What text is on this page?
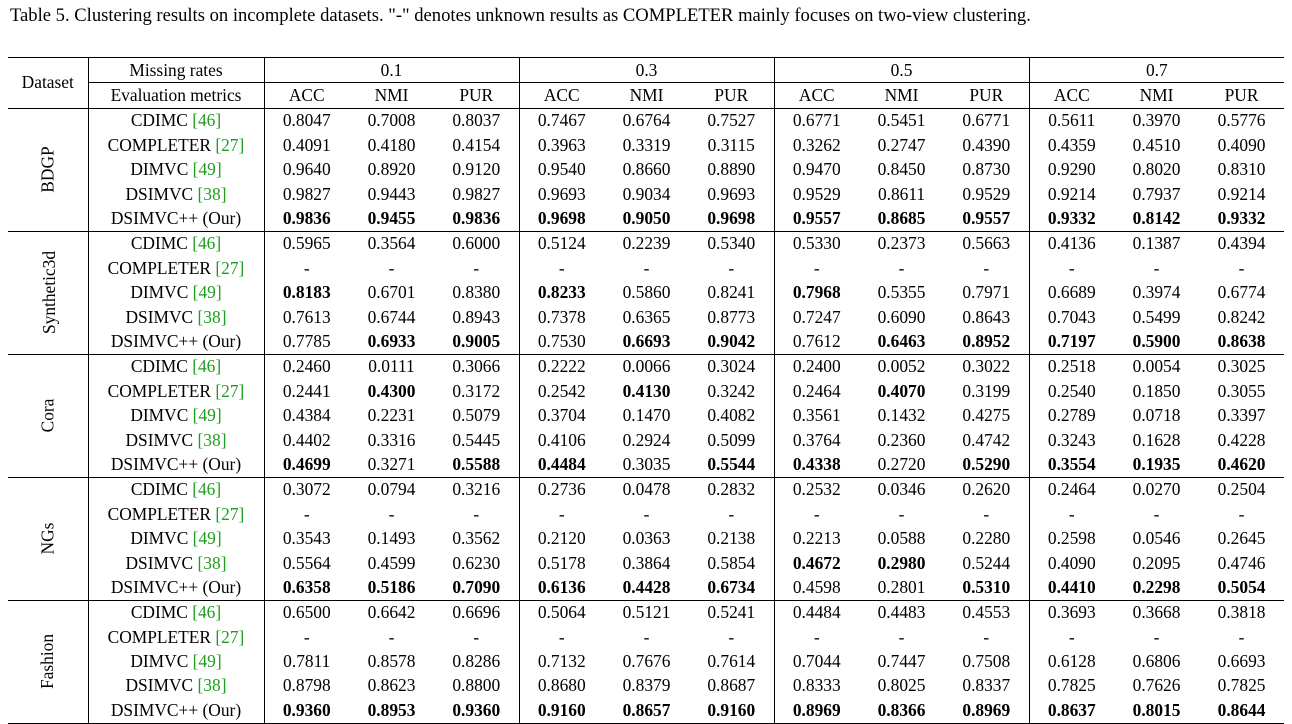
Table 5. Clustering results on incomplete datasets. "-" denotes unknown results as COMPLETER mainly focuses on two-view clustering.
Dataset	Missing rates	0.1			0.3			0.5			0.7		
	Evaluation metrics	ACC	NMI	PUR	ACC	NMI	PUR	ACC	NMI	PUR	ACC	NMI	PUR
BDGP	CDIMC [46]	0.8047	0.7008	0.8037	0.7467	0.6764	0.7527	0.6771	0.5451	0.6771	0.5611	0.3970	0.5776
	COMPLETER [27]	0.4091	0.4180	0.4154	0.3963	0.3319	0.3115	0.3262	0.2747	0.4390	0.4359	0.4510	0.4090
	DIMVC [49]	0.9640	0.8920	0.9120	0.9540	0.8660	0.8890	0.9470	0.8450	0.8730	0.9290	0.8020	0.8310
	DSIMVC [38]	0.9827	0.9443	0.9827	0.9693	0.9034	0.9693	0.9529	0.8611	0.9529	0.9214	0.7937	0.9214
	DSIMVC++ (Our)	0.9836	0.9455	0.9836	0.9698	0.9050	0.9698	0.9557	0.8685	0.9557	0.9332	0.8142	0.9332
Synthetic3d	CDIMC [46]	0.5965	0.3564	0.6000	0.5124	0.2239	0.5340	0.5330	0.2373	0.5663	0.4136	0.1387	0.4394
	COMPLETER [27]	-	-	-	-	-	-	-	-	-	-	-	-
	DIMVC [49]	0.8183	0.6701	0.8380	0.8233	0.5860	0.8241	0.7968	0.5355	0.7971	0.6689	0.3974	0.6774
	DSIMVC [38]	0.7613	0.6744	0.8943	0.7378	0.6365	0.8773	0.7247	0.6090	0.8643	0.7043	0.5499	0.8242
	DSIMVC++ (Our)	0.7785	0.6933	0.9005	0.7530	0.6693	0.9042	0.7612	0.6463	0.8952	0.7197	0.5900	0.8638
Cora	CDIMC [46]	0.2460	0.0111	0.3066	0.2222	0.0066	0.3024	0.2400	0.0052	0.3022	0.2518	0.0054	0.3025
	COMPLETER [27]	0.2441	0.4300	0.3172	0.2542	0.4130	0.3242	0.2464	0.4070	0.3199	0.2540	0.1850	0.3055
	DIMVC [49]	0.4384	0.2231	0.5079	0.3704	0.1470	0.4082	0.3561	0.1432	0.4275	0.2789	0.0718	0.3397
	DSIMVC [38]	0.4402	0.3316	0.5445	0.4106	0.2924	0.5099	0.3764	0.2360	0.4742	0.3243	0.1628	0.4228
	DSIMVC++ (Our)	0.4699	0.3271	0.5588	0.4484	0.3035	0.5544	0.4338	0.2720	0.5290	0.3554	0.1935	0.4620
NGs	CDIMC [46]	0.3072	0.0794	0.3216	0.2736	0.0478	0.2832	0.2532	0.0346	0.2620	0.2464	0.0270	0.2504
	COMPLETER [27]	-	-	-	-	-	-	-	-	-	-	-	-
	DIMVC [49]	0.3543	0.1493	0.3562	0.2120	0.0363	0.2138	0.2213	0.0588	0.2280	0.2598	0.0546	0.2645
	DSIMVC [38]	0.5564	0.4599	0.6230	0.5178	0.3864	0.5854	0.4672	0.2980	0.5244	0.4090	0.2095	0.4746
	DSIMVC++ (Our)	0.6358	0.5186	0.7090	0.6136	0.4428	0.6734	0.4598	0.2801	0.5310	0.4410	0.2298	0.5054
Fashion	CDIMC [46]	0.6500	0.6642	0.6696	0.5064	0.5121	0.5241	0.4484	0.4483	0.4553	0.3693	0.3668	0.3818
	COMPLETER [27]	-	-	-	-	-	-	-	-	-	-	-	-
	DIMVC [49]	0.7811	0.8578	0.8286	0.7132	0.7676	0.7614	0.7044	0.7447	0.7508	0.6128	0.6806	0.6693
	DSIMVC [38]	0.8798	0.8623	0.8800	0.8680	0.8379	0.8687	0.8333	0.8025	0.8337	0.7825	0.7626	0.7825
	DSIMVC++ (Our)	0.9360	0.8953	0.9360	0.9160	0.8657	0.9160	0.8969	0.8366	0.8969	0.8637	0.8015	0.8644
